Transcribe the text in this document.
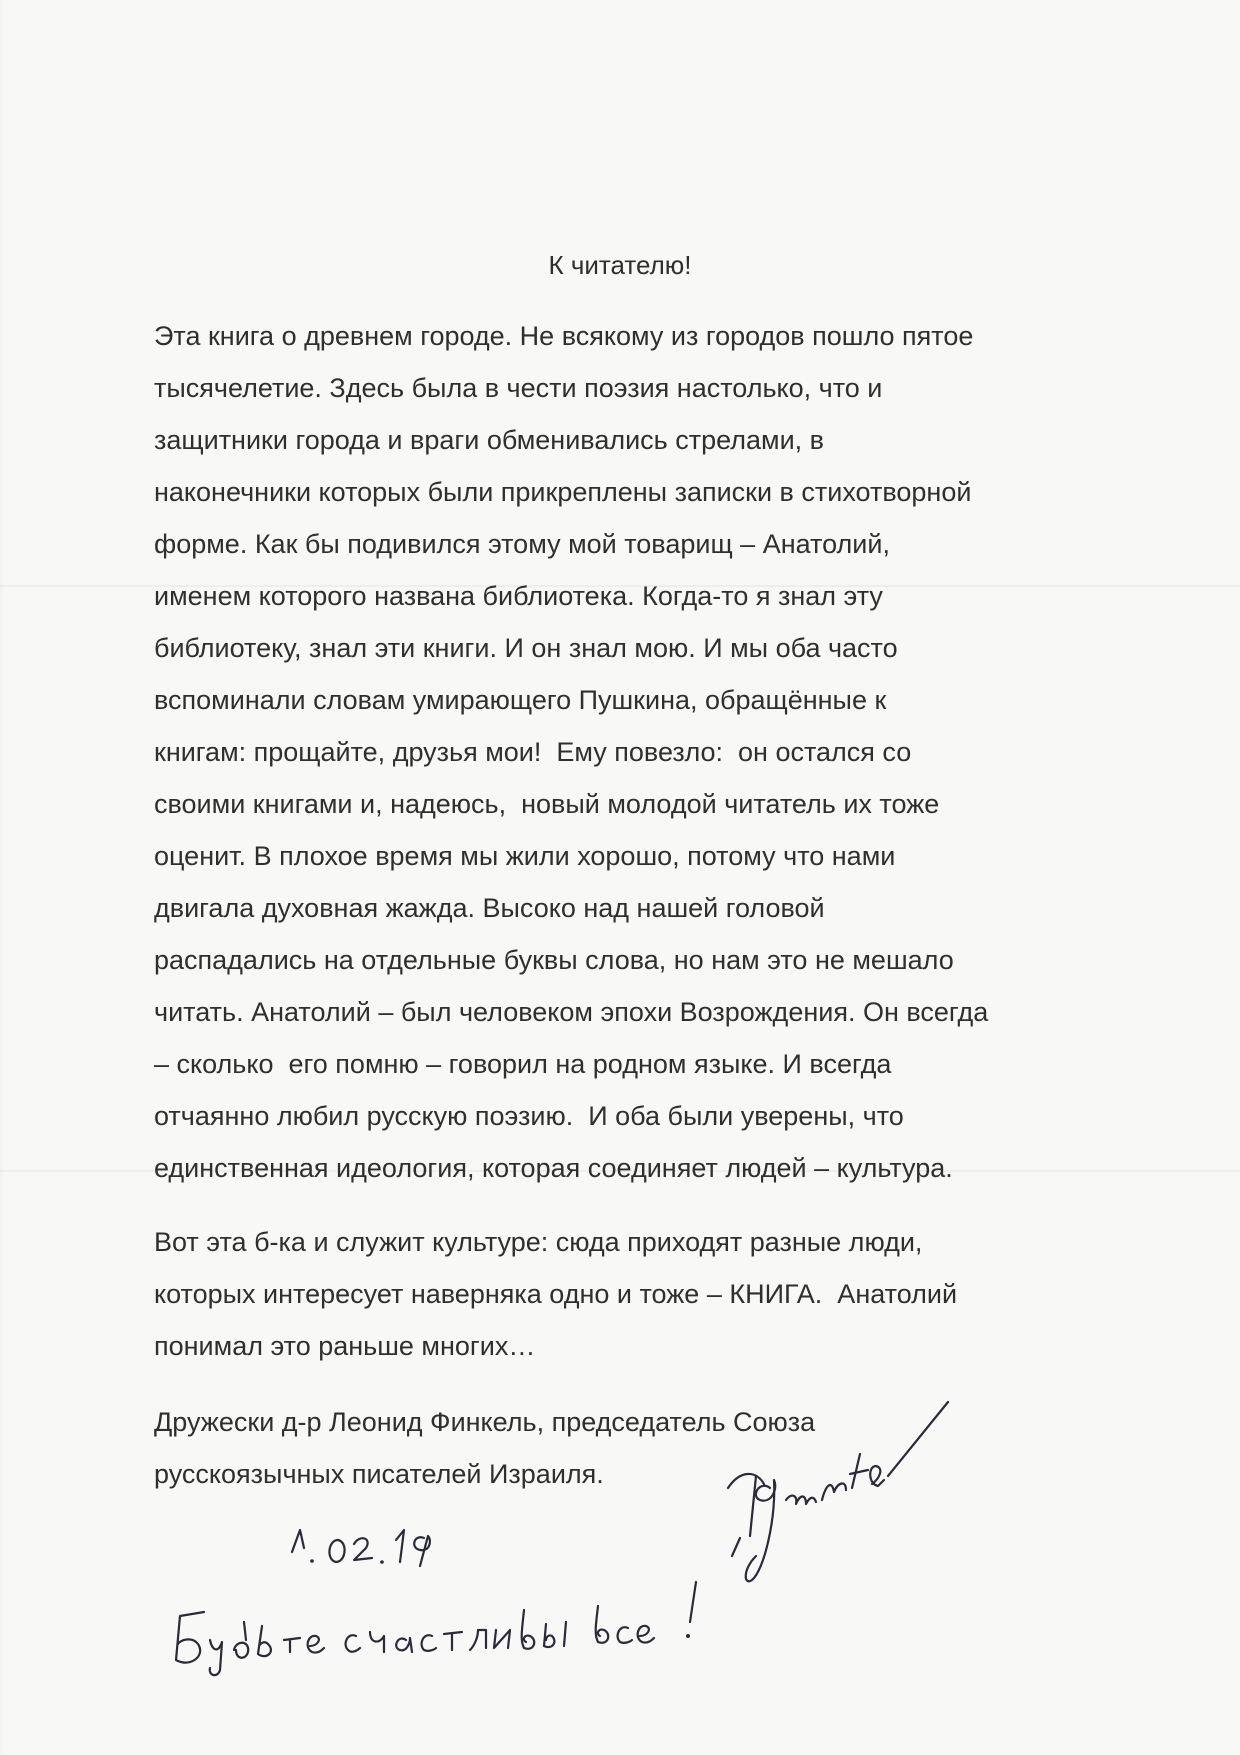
К читателю!
Эта книга о древнем городе. Не всякому из городов пошло пятое
тысячелетие. Здесь была в чести поэзия настолько, что и
защитники города и враги обменивались стрелами, в
наконечники которых были прикреплены записки в стихотворной
форме. Как бы подивился этому мой товарищ – Анатолий,
именем которого названа библиотека. Когда-то я знал эту
библиотеку, знал эти книги. И он знал мою. И мы оба часто
вспоминали словам умирающего Пушкина, обращённые к
книгам: прощайте, друзья мои!  Ему повезло:  он остался со
своими книгами и, надеюсь,  новый молодой читатель их тоже
оценит. В плохое время мы жили хорошо, потому что нами
двигала духовная жажда. Высоко над нашей головой
распадались на отдельные буквы слова, но нам это не мешало
читать. Анатолий – был человеком эпохи Возрождения. Он всегда
– сколько  его помню – говорил на родном языке. И всегда
отчаянно любил русскую поэзию.  И оба были уверены, что
единственная идеология, которая соединяет людей – культура.
Вот эта б-ка и служит культуре: сюда приходят разные люди,
которых интересует наверняка одно и тоже – КНИГА.  Анатолий
понимал это раньше многих…
Дружески д-р Леонид Финкель, председатель Союза
русскоязычных писателей Израиля.
